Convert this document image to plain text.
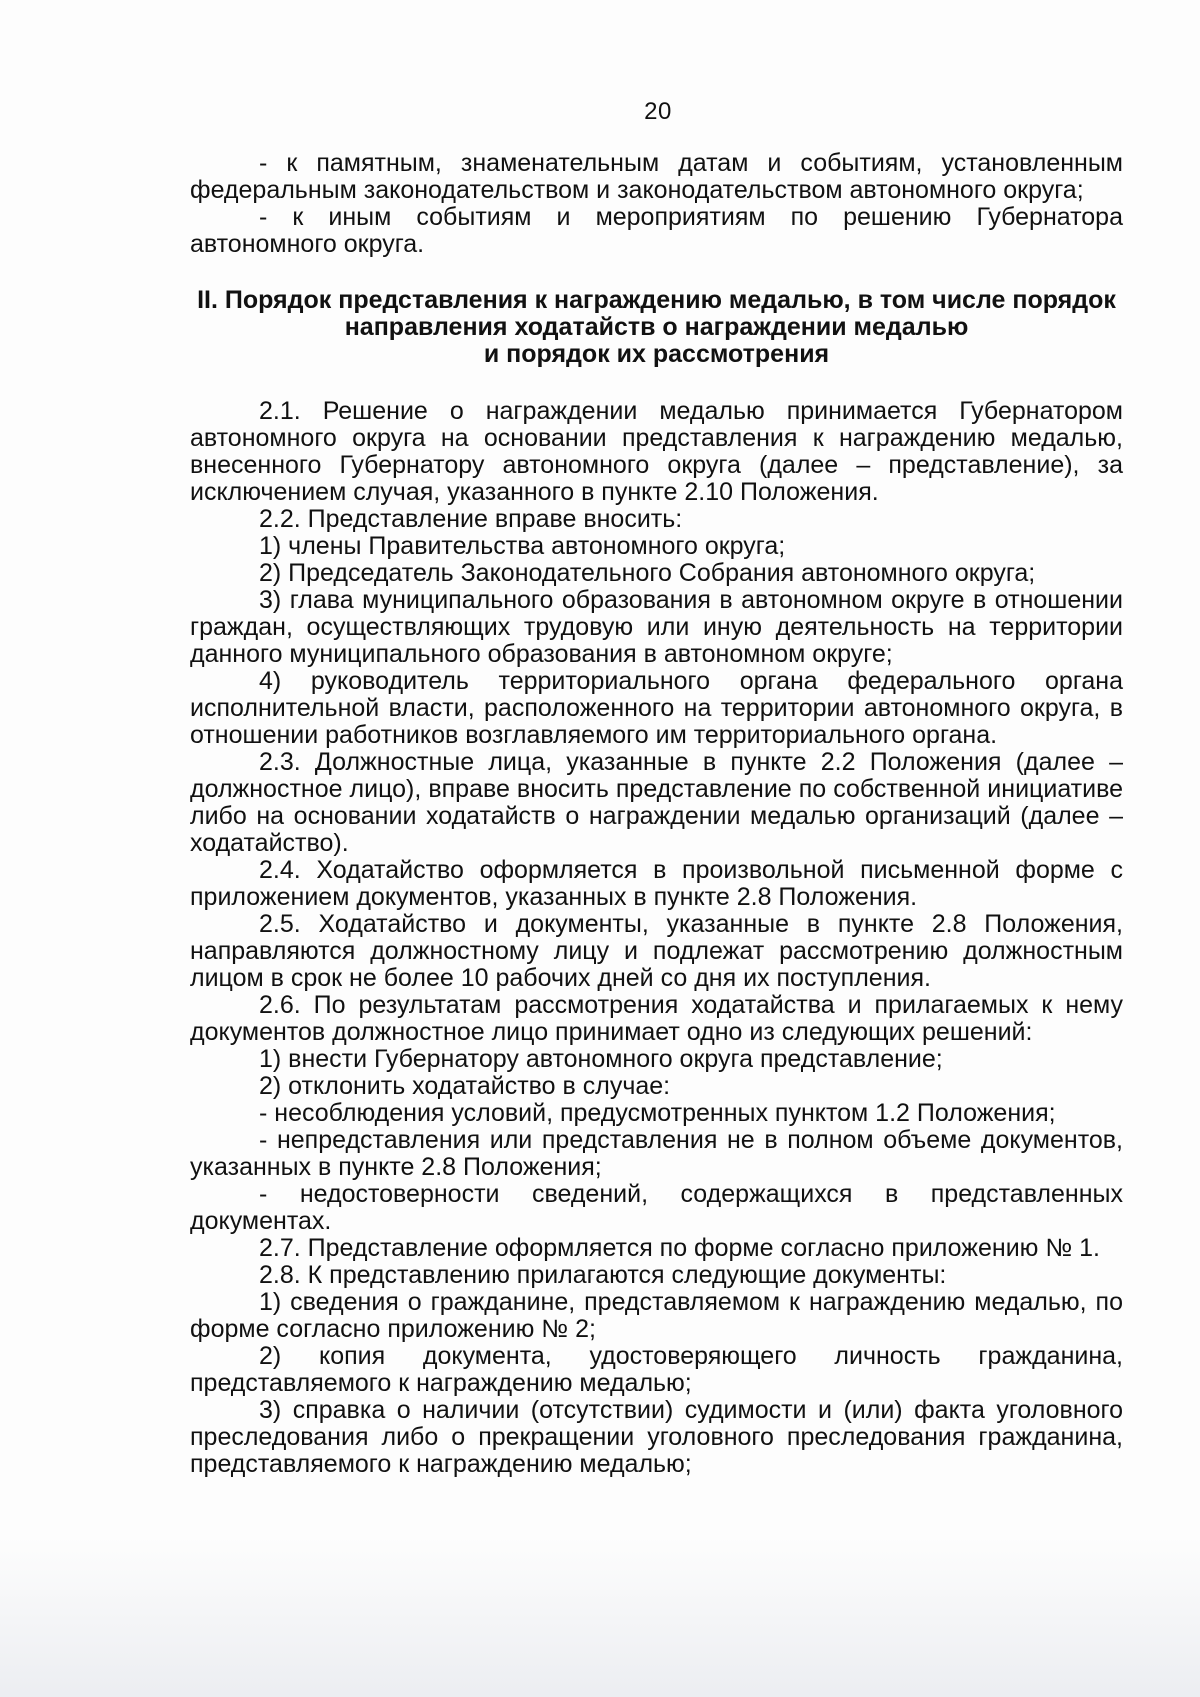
20

- к памятным, знаменательным датам и событиям, установленным федеральным законодательством и законодательством автономного округа;

- к иным событиям и мероприятиям по решению Губернатора автономного округа.

II. Порядок представления к награждению медалью, в том числе порядок
направления ходатайств о награждении медалью
и порядок их рассмотрения

2.1. Решение о награждении медалью принимается Губернатором автономного округа на основании представления к награждению медалью, внесенного Губернатору автономного округа (далее – представление), за исключением случая, указанного в пункте 2.10 Положения.

2.2. Представление вправе вносить:

1) члены Правительства автономного округа;

2) Председатель Законодательного Собрания автономного округа;

3) глава муниципального образования в автономном округе в отношении граждан, осуществляющих трудовую или иную деятельность на территории данного муниципального образования в автономном округе;

4) руководитель территориального органа федерального органа исполнительной власти, расположенного на территории автономного округа, в отношении работников возглавляемого им территориального органа.

2.3. Должностные лица, указанные в пункте 2.2 Положения (далее – должностное лицо), вправе вносить представление по собственной инициативе либо на основании ходатайств о награждении медалью организаций (далее – ходатайство).

2.4. Ходатайство оформляется в произвольной письменной форме с приложением документов, указанных в пункте 2.8 Положения.

2.5. Ходатайство и документы, указанные в пункте 2.8 Положения, направляются должностному лицу и подлежат рассмотрению должностным лицом в срок не более 10 рабочих дней со дня их поступления.

2.6. По результатам рассмотрения ходатайства и прилагаемых к нему документов должностное лицо принимает одно из следующих решений:

1) внести Губернатору автономного округа представление;

2) отклонить ходатайство в случае:

- несоблюдения условий, предусмотренных пунктом 1.2 Положения;

- непредставления или представления не в полном объеме документов, указанных в пункте 2.8 Положения;

- недостоверности сведений, содержащихся в представленных документах.

2.7. Представление оформляется по форме согласно приложению № 1.

2.8. К представлению прилагаются следующие документы:

1) сведения о гражданине, представляемом к награждению медалью, по форме согласно приложению № 2;

2) копия документа, удостоверяющего личность гражданина, представляемого к награждению медалью;

3) справка о наличии (отсутствии) судимости и (или) факта уголовного преследования либо о прекращении уголовного преследования гражданина, представляемого к награждению медалью;
